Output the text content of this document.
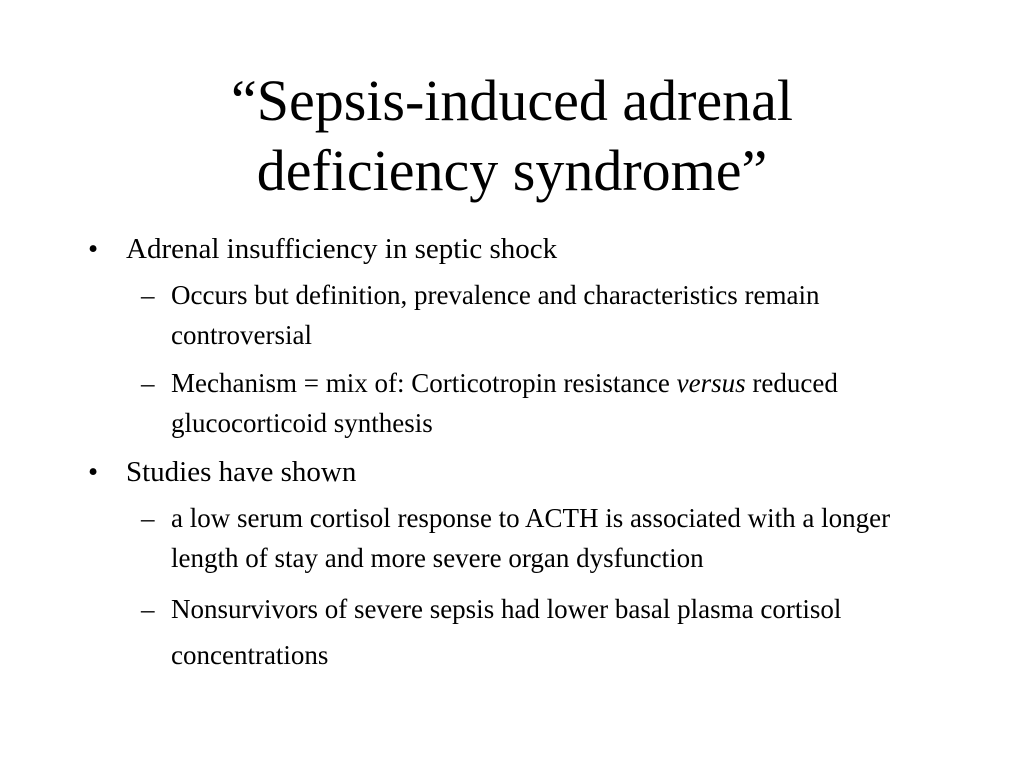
“Sepsis-induced adrenal
deficiency syndrome”
• Adrenal insufficiency in septic shock
– Occurs but definition, prevalence and characteristics remain controversial
– Mechanism = mix of: Corticotropin resistance versus reduced glucocorticoid synthesis
• Studies have shown
– a low serum cortisol response to ACTH is associated with a longer length of stay and more severe organ dysfunction
– Nonsurvivors of severe sepsis had lower basal plasma cortisol concentrations
